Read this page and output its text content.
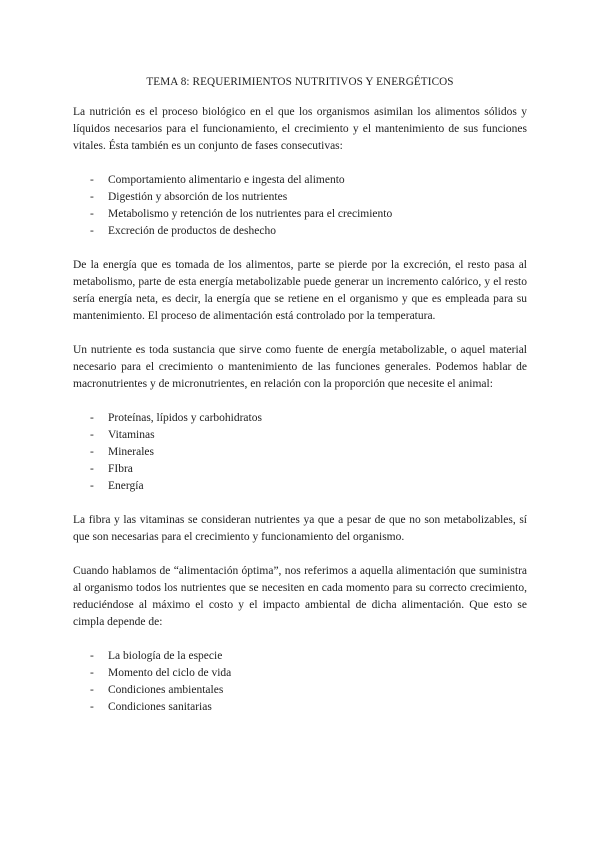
TEMA 8: REQUERIMIENTOS NUTRITIVOS Y ENERGÉTICOS

La nutrición es el proceso biológico en el que los organismos asimilan los alimentos sólidos y líquidos necesarios para el funcionamiento, el crecimiento y el mantenimiento de sus funciones vitales. Ésta también es un conjunto de fases consecutivas:

- Comportamiento alimentario e ingesta del alimento
- Digestión y absorción de los nutrientes
- Metabolismo y retención de los nutrientes para el crecimiento
- Excreción de productos de deshecho

De la energía que es tomada de los alimentos, parte se pierde por la excreción, el resto pasa al metabolismo, parte de esta energía metabolizable puede generar un incremento calórico, y el resto sería energía neta, es decir, la energía que se retiene en el organismo y que es empleada para su mantenimiento. El proceso de alimentación está controlado por la temperatura.

Un nutriente es toda sustancia que sirve como fuente de energía metabolizable, o aquel material necesario para el crecimiento o mantenimiento de las funciones generales. Podemos hablar de macronutrientes y de micronutrientes, en relación con la proporción que necesite el animal:

- Proteínas, lípidos y carbohidratos
- Vitaminas
- Minerales
- FIbra
- Energía

La fibra y las vitaminas se consideran nutrientes ya que a pesar de que no son metabolizables, sí que son necesarias para el crecimiento y funcionamiento del organismo.

Cuando hablamos de “alimentación óptima”, nos referimos a aquella alimentación que suministra al organismo todos los nutrientes que se necesiten en cada momento para su correcto crecimiento, reduciéndose al máximo el costo y el impacto ambiental de dicha alimentación. Que esto se cimpla depende de:

- La biología de la especie
- Momento del ciclo de vida
- Condiciones ambientales
- Condiciones sanitarias
